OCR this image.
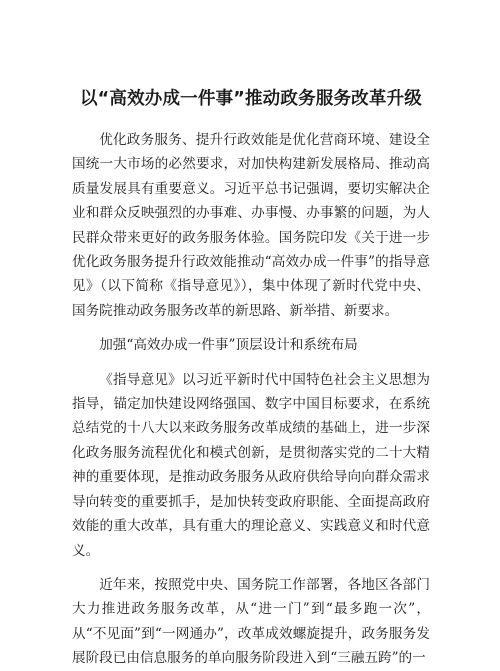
以“高效办成一件事”推动政务服务改革升级

优化政务服务、提升行政效能是优化营商环境、建设全国统一大市场的必然要求，对加快构建新发展格局、推动高质量发展具有重要意义。习近平总书记强调，要切实解决企业和群众反映强烈的办事难、办事慢、办事繁的问题，为人民群众带来更好的政务服务体验。国务院印发《关于进一步优化政务服务提升行政效能推动“高效办成一件事”的指导意见》（以下简称《指导意见》），集中体现了新时代党中央、国务院推动政务服务改革的新思路、新举措、新要求。

加强“高效办成一件事”顶层设计和系统布局

《指导意见》以习近平新时代中国特色社会主义思想为指导，锚定加快建设网络强国、数字中国目标要求，在系统总结党的十八大以来政务服务改革成绩的基础上，进一步深化政务服务流程优化和模式创新，是贯彻落实党的二十大精神的重要体现，是推动政务服务从政府供给导向向群众需求导向转变的重要抓手，是加快转变政府职能、全面提高政府效能的重大改革，具有重大的理论意义、实践意义和时代意义。

近年来，按照党中央、国务院工作部署，各地区各部门大力推进政务服务改革，从“进一门”到“最多跑一次”，从“不见面”到“一网通办”，改革成效螺旋提升，政务服务发展阶段已由信息服务的单向服务阶段进入到“三融五跨”的一
